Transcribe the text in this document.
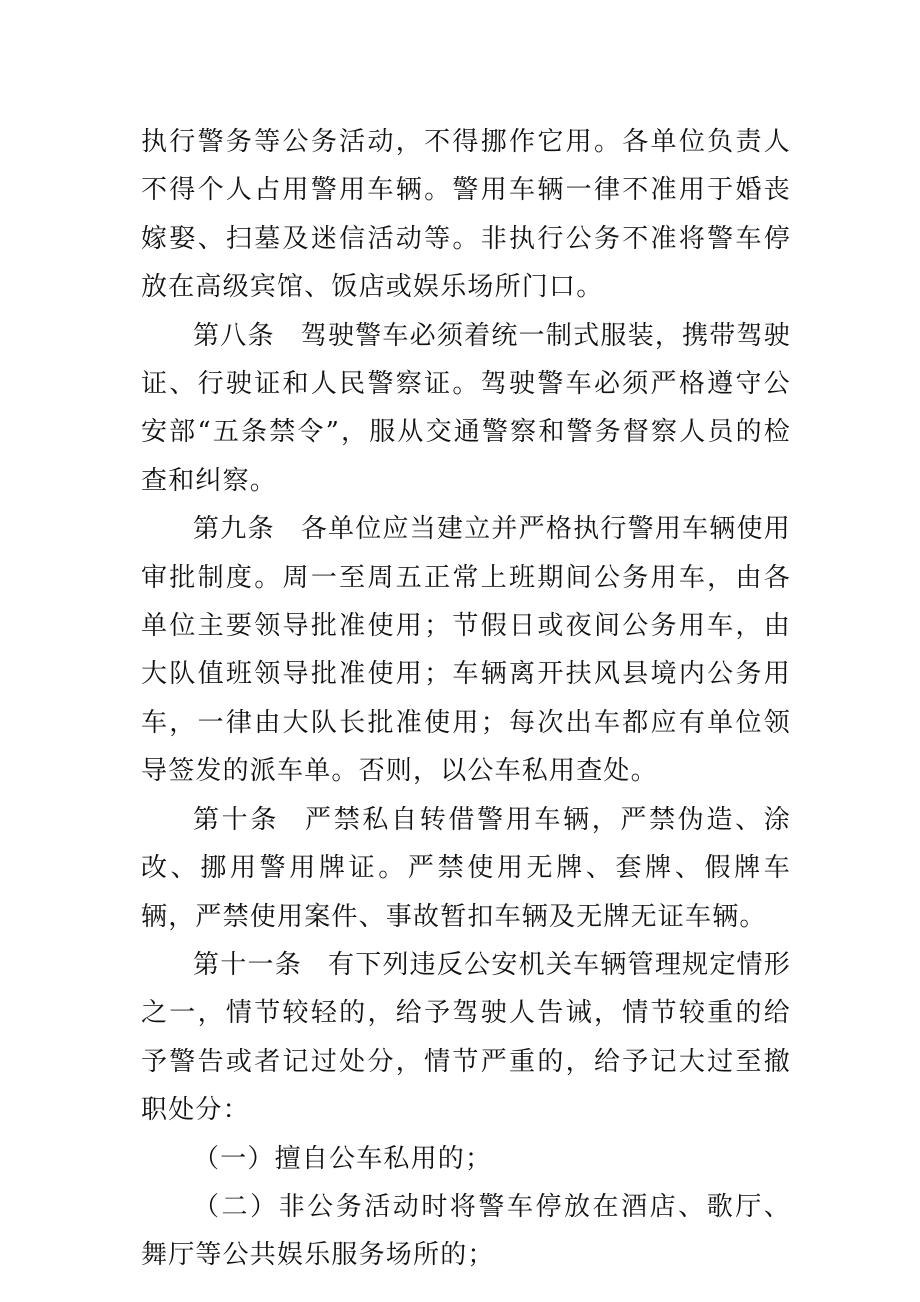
执行警务等公务活动，不得挪作它用。各单位负责人不得个人占用警用车辆。警用车辆一律不准用于婚丧嫁娶、扫墓及迷信活动等。非执行公务不准将警车停放在高级宾馆、饭店或娱乐场所门口。

第八条 驾驶警车必须着统一制式服装，携带驾驶证、行驶证和人民警察证。驾驶警车必须严格遵守公安部“五条禁令”，服从交通警察和警务督察人员的检查和纠察。

第九条 各单位应当建立并严格执行警用车辆使用审批制度。周一至周五正常上班期间公务用车，由各单位主要领导批准使用；节假日或夜间公务用车，由大队值班领导批准使用；车辆离开扶风县境内公务用车，一律由大队长批准使用；每次出车都应有单位领导签发的派车单。否则，以公车私用查处。

第十条 严禁私自转借警用车辆，严禁伪造、涂改、挪用警用牌证。严禁使用无牌、套牌、假牌车辆，严禁使用案件、事故暂扣车辆及无牌无证车辆。

第十一条 有下列违反公安机关车辆管理规定情形之一，情节较轻的，给予驾驶人告诫，情节较重的给予警告或者记过处分，情节严重的，给予记大过至撤职处分：

（一）擅自公车私用的；

（二）非公务活动时将警车停放在酒店、歌厅、舞厅等公共娱乐服务场所的；
